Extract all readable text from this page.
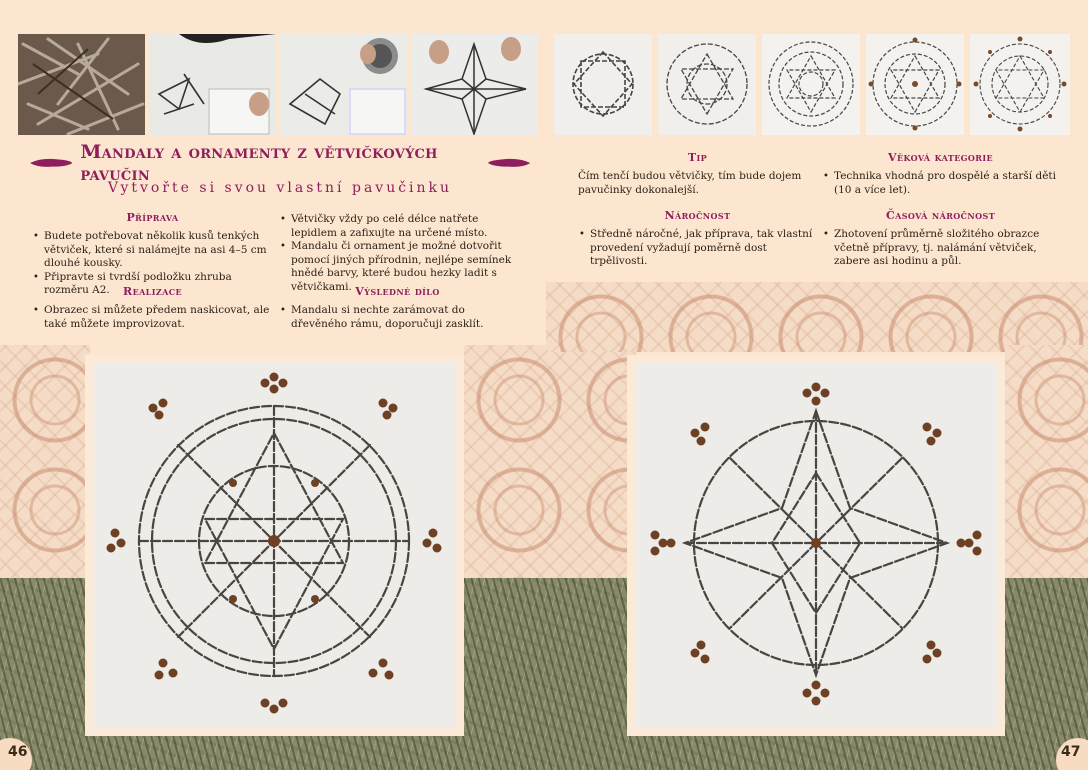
Mandaly a ornamenty z větvičkových pavučin
Vytvořte si svou vlastní pavučinku
Příprava
• Budete potřebovat několik kusů tenkých větviček, které si nalámejte na asi 4–5 cm dlouhé kousky.
• Připravte si tvrdší podložku zhruba rozměru A2.
• Větvičky vždy po celé délce natřete lepidlem a zafixujte na určené místo.
• Mandalu či ornament je možné dotvořit pomocí jiných přírodnin, nejlépe semínek hnědé barvy, které budou hezky ladit s větvičkami.
Realizace
• Obrazec si můžete předem naskicovat, ale také můžete improvizovat.
Výsledné dílo
• Mandalu si nechte zarámovat do dřevěného rámu, doporučuji zasklít.
Tip
Čím tenčí budou větvičky, tím bude dojem pavučinky dokonalejší.
Věková kategorie
• Technika vhodná pro dospělé a starší děti (10 a více let).
Náročnost
• Středně náročné, jak příprava, tak vlastní provedení vyžadují poměrně dost trpělivosti.
Časová náročnost
• Zhotovení průměrně složitého obrazce včetně přípravy, tj. nalámání větviček, zabere asi hodinu a půl.
46	47
